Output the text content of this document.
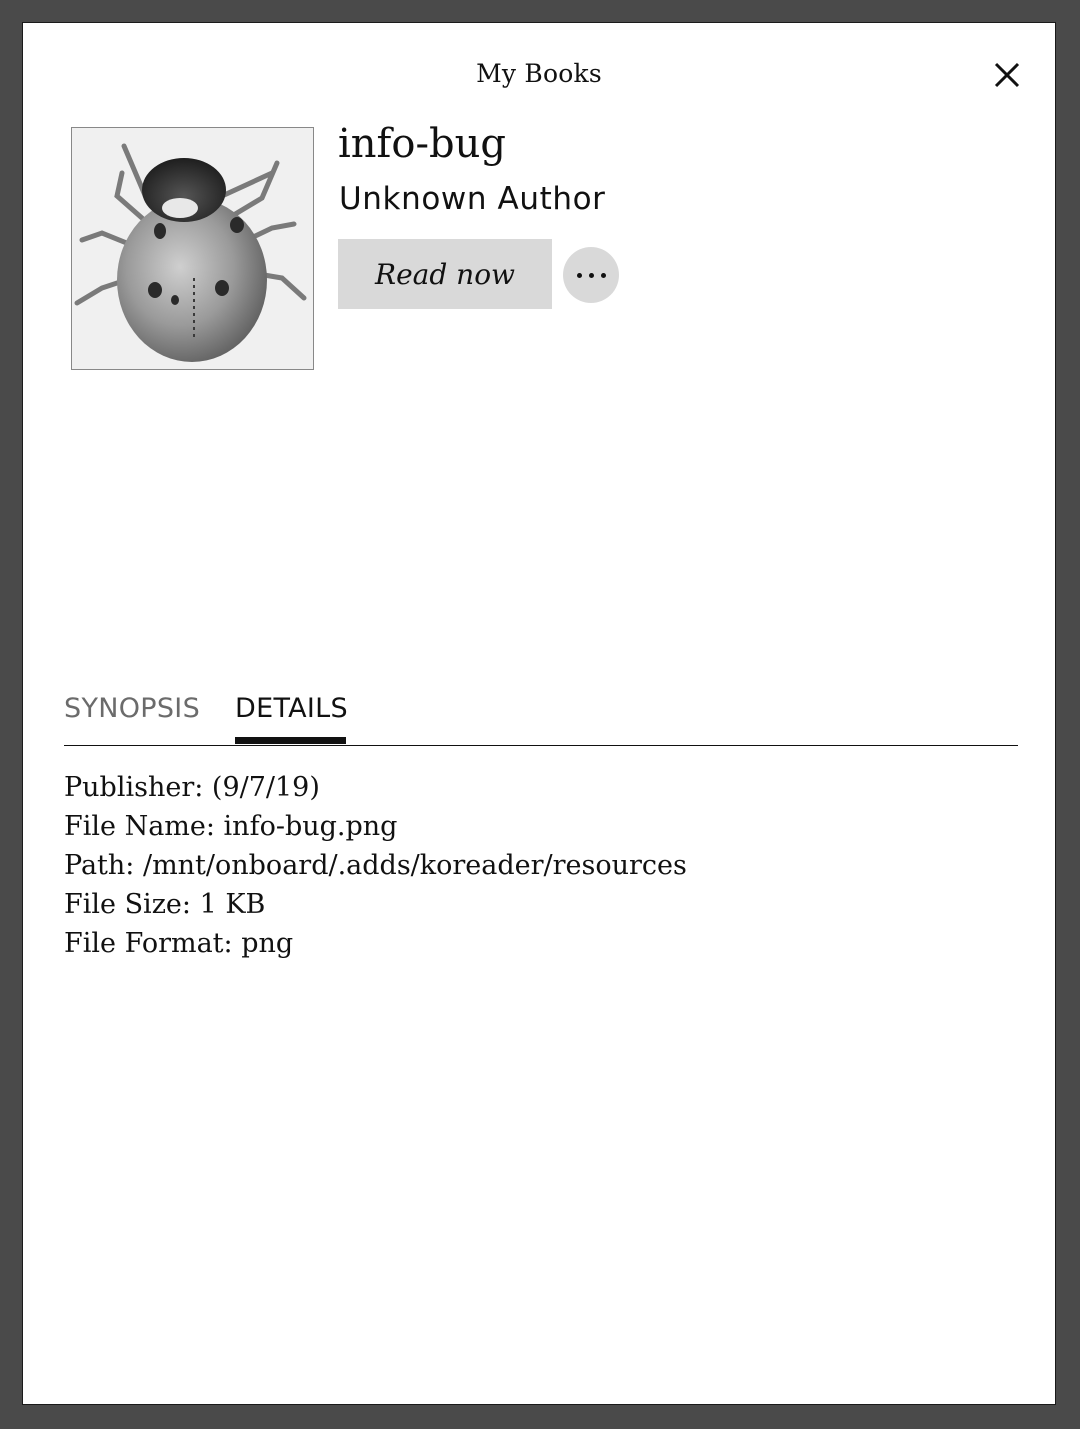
My Books
info-bug
Unknown Author
Read now
SYNOPSIS DETAILS
Publisher: (9/7/19)
File Name: info-bug.png
Path: /mnt/onboard/.adds/koreader/resources
File Size: 1 KB
File Format: png
